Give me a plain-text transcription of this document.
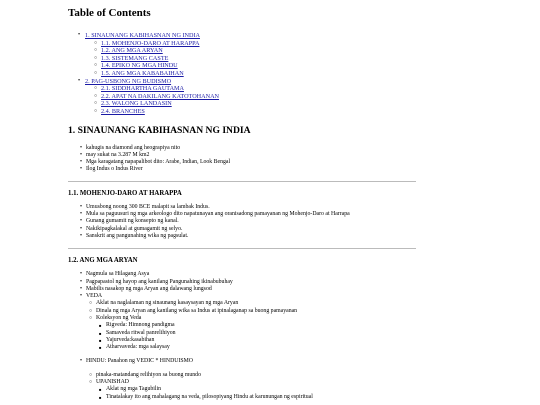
Table of Contents
• 1. SINAUNANG KABIHASNAN NG INDIA
○ 1.1. MOHENJO-DARO AT HARAPPA
○ 1.2. ANG MGA ARYAN
○ 1.3. SISTEMANG CASTE
○ 1.4. EPIKO NG MGA HINDU
○ 1.5. ANG MGA KABABAIHAN
• 2. PAG-USBONG NG BUDISMO
○ 2.1. SIDDHARTHA GAUTAMA
○ 2.2. APAT NA DAKILANG KATOTOHANAN
○ 2.3. WALONG LANDASIN
○ 2.4. BRANCHES
1. SINAUNANG KABIHASNAN NG INDIA
• kahugis na diamond ang heograpiya nito
• may sukat na 3.287 M km2
• Mga karagatang napapalibot dito: Arabe, Indian, Look Bengal
• Ilog Indus o Indus River
1.1. MOHENJO-DARO AT HARAPPA
• Umusbong noong 300 BCE malapit sa lambak Indus.
• Mula sa paguusuri ng mga arkeologo dito napatunayan ang oranisadong pamayanan ng Mohenjo-Daro at Harrapa
• Gunang gumamit ng konsepto ng kanal.
• Nakikipagkalakal at gumagamit ng selyo.
• Sanskrit ang pangunahing wika ng pagsulat.
1.2. ANG MGA ARYAN
• Nagmula sa Hilagang Asya
• Pagpapastol ng hayop ang kanilang Pangunahing ikinabubuhay
• Mabilis nasakop ng mga Aryan ang dalawang lungsod
• VEDA
○ Aklat na naglalaman ng sinaunang kasaysayan ng mga Aryan
○ Dinala ng mga Aryan ang kanilang wika sa Indus at ipinalaganap sa buong pamayanan
○ Koleksyon ng Veda
■ Rigveda: Himnong pandigma
■ Samaveda ritwal panrelihiyon
■ Yajurveda:kasabihan
■ Atharvaveda: mga salaysay
• HINDU: Panahon ng VEDIC * HINDUISMO
○ pinaka-matandang relihiyon sa buong mundo
○ UPANISHAD
■ Aklat ng mga Tagubilin
■ Tinatalakay ito ang mahalagang na veda, pilosopiyang Hindu at karunungan ng espiritual
